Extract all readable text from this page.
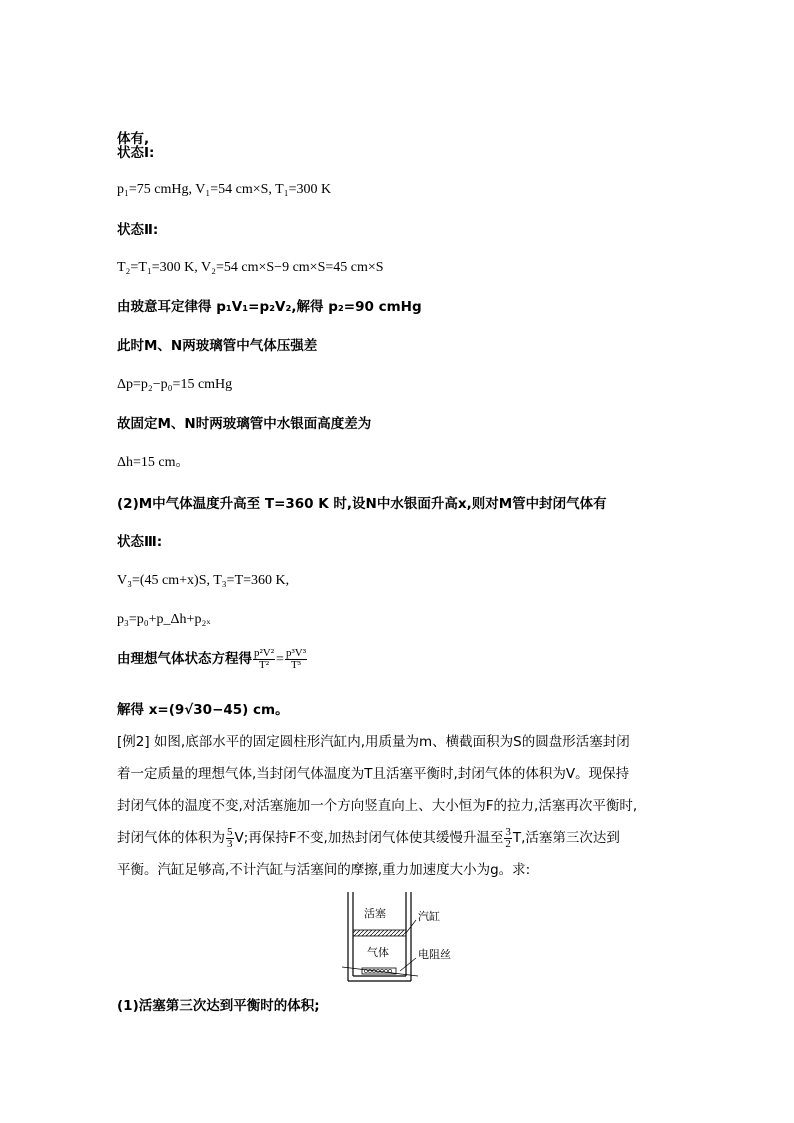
体有,
状态Ⅰ:
p₁=75 cmHg, V₁=54 cm×S, T₁=300 K
状态Ⅱ:
T₂=T₁=300 K, V₂=54 cm×S−9 cm×S=45 cm×S
由玻意耳定律得 p₁V₁=p₂V₂,解得 p₂=90 cmHg
此时M、N两玻璃管中气体压强差
Δp=p₂−p₀=15 cmHg
故固定M、N时两玻璃管中水银面高度差为
Δh=15 cm。
(2)M中气体温度升高至 T=360 K 时,设N中水银面升高x,则对M管中封闭气体有
状态Ⅲ:
V₃=(45 cm+x)S, T₃=T=360 K,
p₃=p₀+p_Δh+p₂ₓ
由理想气体状态方程得 $\frac{\text{p²V²}}{\text{T²}} = \frac{\text{p³V³}}{\text{T³}}$
解得 x=(9√30−45) cm。
[例2] 如图,底部水平的固定圆柱形汽缸内,用质量为m、横截面积为S的圆盘形活塞封闭
着一定质量的理想气体,当封闭气体温度为T且活塞平衡时,封闭气体的体积为V。现保持
封闭气体的温度不变,对活塞施加一个方向竖直向上、大小恒为F的拉力,活塞再次平衡时,
封闭气体的体积为 $\frac{5}{3} V$;再保持F不变,加热封闭气体使其缓慢升温至 $\frac{3}{2} T$,活塞第三次达到
平衡。汽缸足够高,不计汽缸与活塞间的摩擦,重力加速度大小为g。求:
活塞	汽缸
气体	电阻丝
(1)活塞第三次达到平衡时的体积;
